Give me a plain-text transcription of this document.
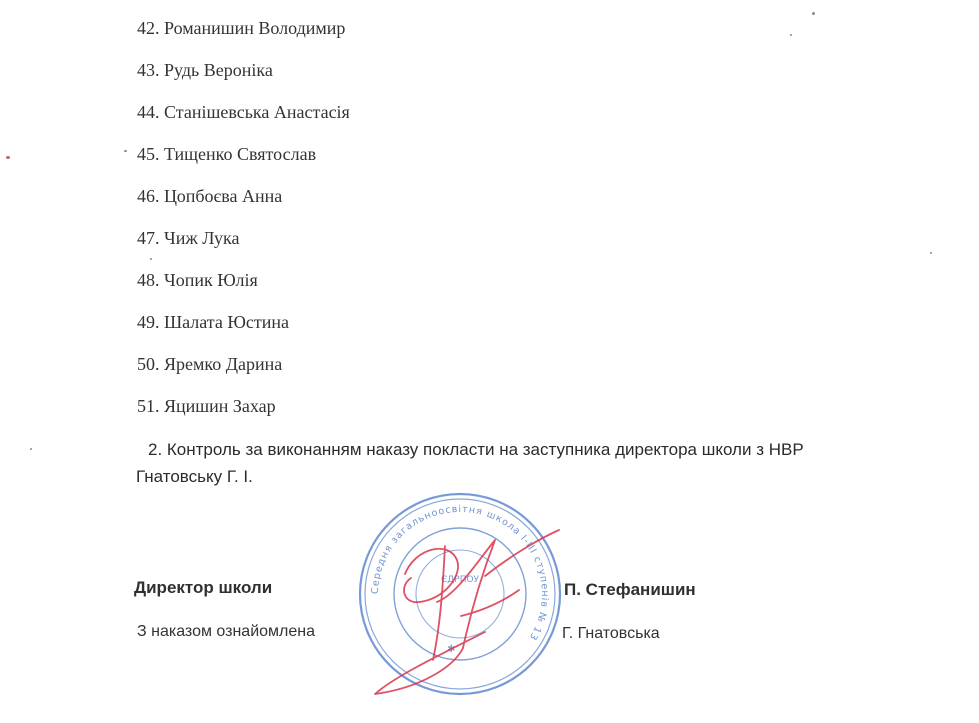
42. Романишин Володимир
43. Рудь Вероніка
44. Станішевська Анастасія
45. Тищенко Святослав
46. Цопбоєва Анна
47. Чиж Лука
48. Чопик Юлія
49. Шалата Юстина
50. Яремко Дарина
51. Яцишин Захар

2. Контроль за виконанням наказу покласти на заступника директора школи з НВР Гнатовську Г. І.

Середня загальноосвітня школа І-ІІІ ступенів № 13
ЄДРПОУ
✱
Директор школи	П. Стефанишин
З наказом ознайомлена	Г. Гнатовська
